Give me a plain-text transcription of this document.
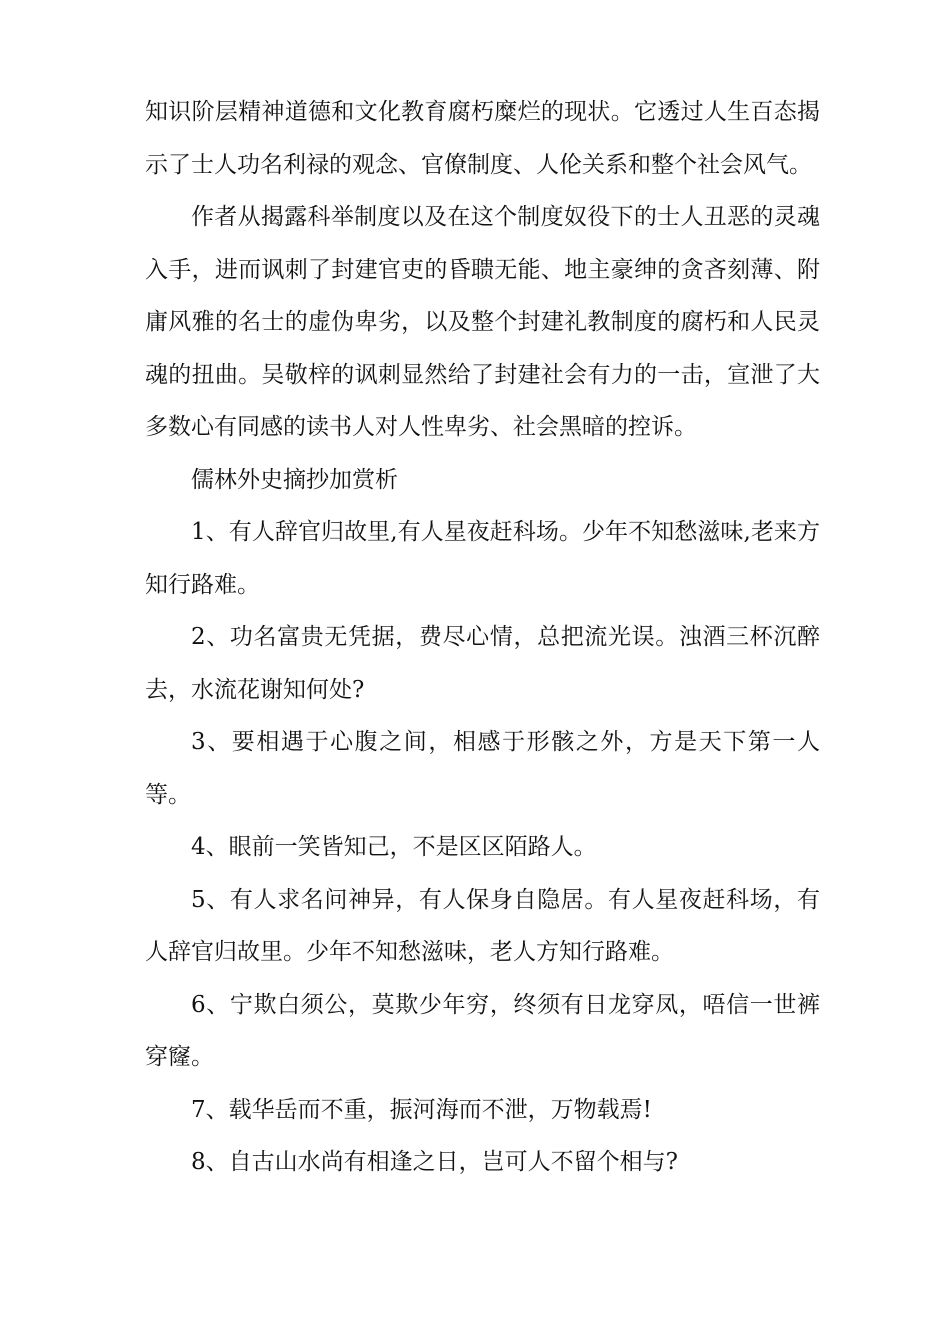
知识阶层精神道德和文化教育腐朽糜烂的现状。它透过人生百态揭示了士人功名利禄的观念、官僚制度、人伦关系和整个社会风气。

作者从揭露科举制度以及在这个制度奴役下的士人丑恶的灵魂入手，进而讽刺了封建官吏的昏聩无能、地主豪绅的贪吝刻薄、附庸风雅的名士的虚伪卑劣，以及整个封建礼教制度的腐朽和人民灵魂的扭曲。吴敬梓的讽刺显然给了封建社会有力的一击，宣泄了大多数心有同感的读书人对人性卑劣、社会黑暗的控诉。

儒林外史摘抄加赏析

1、有人辞官归故里,有人星夜赶科场。少年不知愁滋味,老来方知行路难。

2、功名富贵无凭据，费尽心情，总把流光误。浊酒三杯沉醉去，水流花谢知何处?

3、要相遇于心腹之间，相感于形骸之外，方是天下第一人等。

4、眼前一笑皆知己，不是区区陌路人。

5、有人求名问神异，有人保身自隐居。有人星夜赶科场，有人辞官归故里。少年不知愁滋味，老人方知行路难。

6、宁欺白须公，莫欺少年穷，终须有日龙穿凤，唔信一世裤穿窿。

7、载华岳而不重，振河海而不泄，万物载焉!

8、自古山水尚有相逢之日，岂可人不留个相与?
